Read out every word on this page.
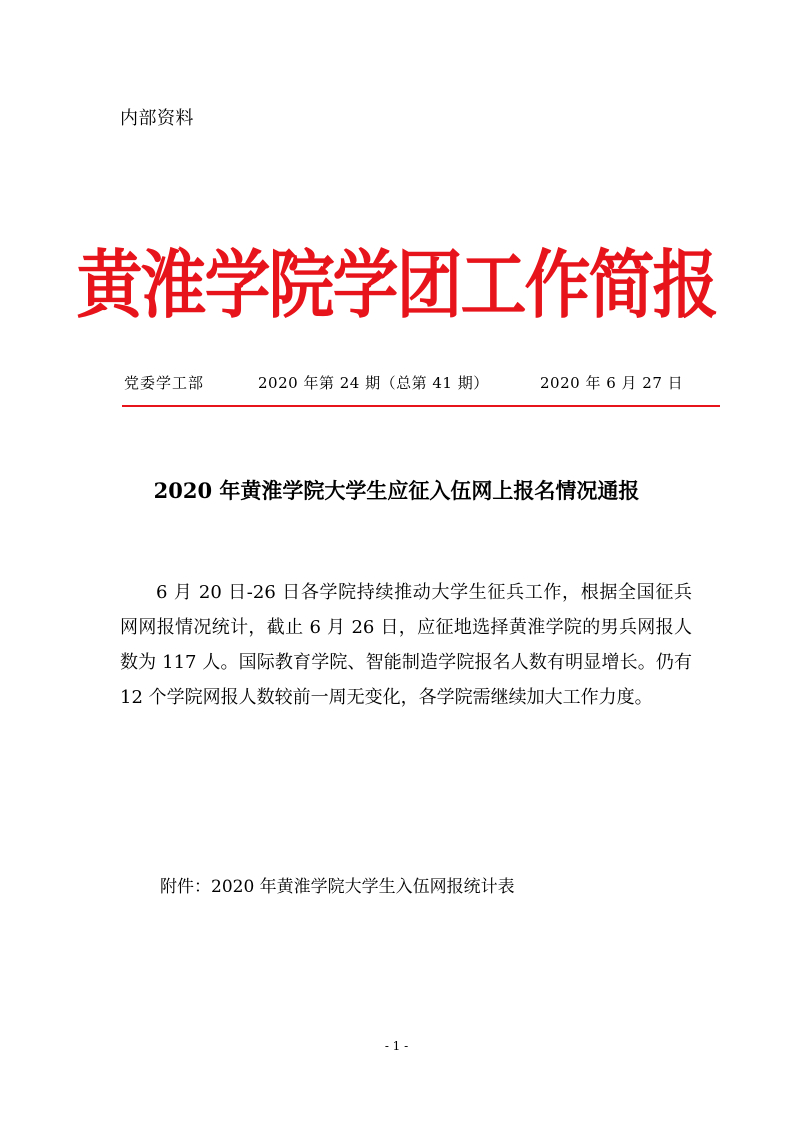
内部资料
黄淮学院学团工作简报
党委学工部	2020 年第 24 期（总第 41 期）	2020 年 6 月 27 日
2020 年黄淮学院大学生应征入伍网上报名情况通报

6 月 20 日-26 日各学院持续推动大学生征兵工作，根据全国征兵网网报情况统计，截止 6 月 26 日，应征地选择黄淮学院的男兵网报人数为 117 人。国际教育学院、智能制造学院报名人数有明显增长。仍有 12 个学院网报人数较前一周无变化，各学院需继续加大工作力度。

附件：2020 年黄淮学院大学生入伍网报统计表
- 1 -
